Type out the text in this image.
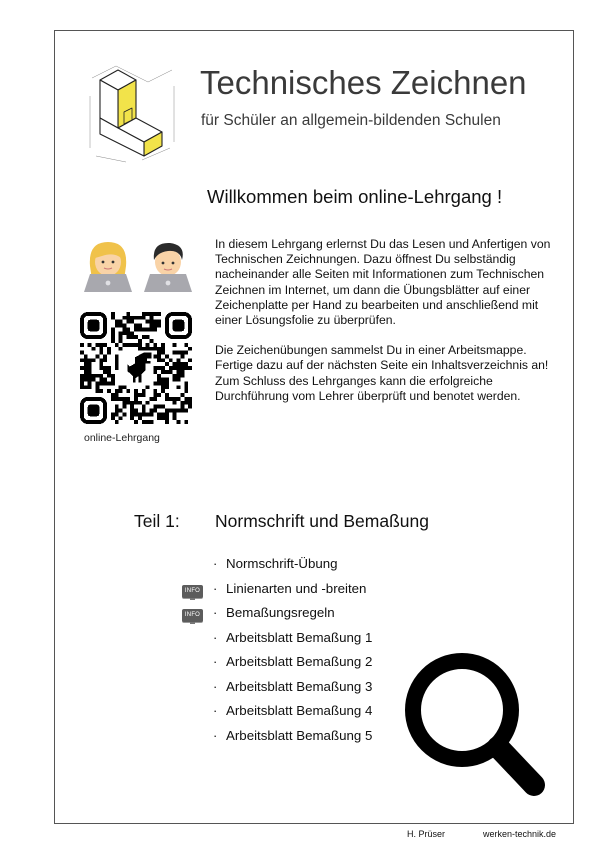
Technisches Zeichnen
für Schüler an allgemein-bildenden Schulen
Willkommen beim online-Lehrgang !
online-Lehrgang

In diesem Lehrgang erlernst Du das Lesen und Anfertigen von Technischen Zeichnungen. Dazu öffnest Du selbständig nacheinander alle Seiten mit Informationen zum Technischen Zeichnen im Internet, um dann die Übungsblätter auf einer Zeichenplatte per Hand zu bearbeiten und anschließend mit einer Lösungsfolie zu überprüfen.

Die Zeichenübungen sammelst Du in einer Arbeitsmappe. Fertige dazu auf der nächsten Seite ein Inhaltsverzeichnis an! Zum Schluss des Lehrganges kann die erfolgreiche Durchführung vom Lehrer überprüft und benotet werden.

Teil 1: Normschrift und Bemaßung
INFO
INFO
· Normschrift-Übung
· Linienarten und -breiten
· Bemaßungsregeln
· Arbeitsblatt Bemaßung 1
· Arbeitsblatt Bemaßung 2
· Arbeitsblatt Bemaßung 3
· Arbeitsblatt Bemaßung 4
· Arbeitsblatt Bemaßung 5
H. Prüser	werken-technik.de
